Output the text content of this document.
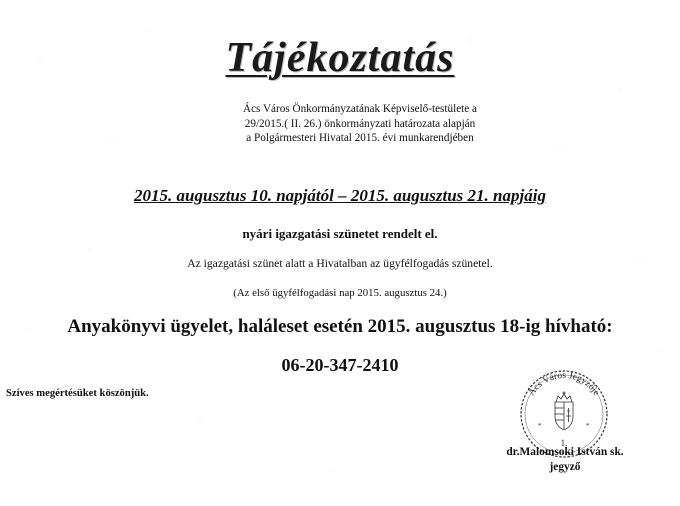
Tájékoztatás
Ács Város Önkormányzatának Képviselő-testülete a
29/2015.( II. 26.) önkormányzati határozata alapján
a Polgármesteri Hivatal 2015. évi munkarendjében
2015. augusztus 10. napjától – 2015. augusztus 21. napjáig
nyári igazgatási szünetet rendelt el.
Az igazgatási szünet alatt a Hivatalban az ügyfélfogadás szünetel.
(Az első ügyfélfogadási nap 2015. augusztus 24.)
Anyakönyvi ügyelet, haláleset esetén 2015. augusztus 18-ig hívható:
06-20-347-2410
Szíves megértésüket köszönjük.	Ács Város Jegyzője
*	*
1.
dr.Malomsoki István sk.
jegyző
